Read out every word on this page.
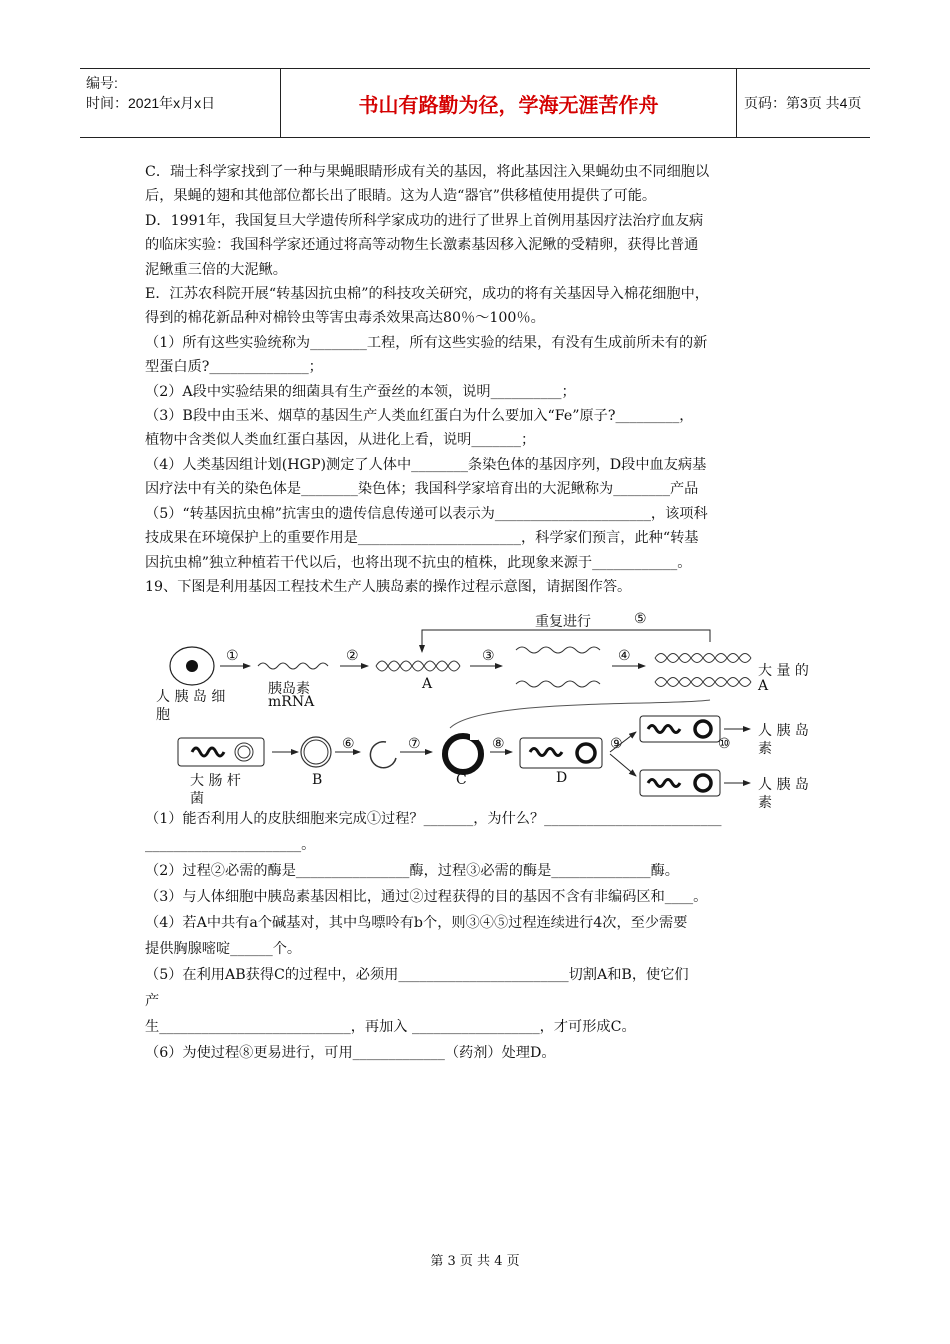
编号:
时间：2021年x月x日	书山有路勤为径，学海无涯苦作舟	页码：第3页 共4页

C．瑞士科学家找到了一种与果蝇眼睛形成有关的基因，将此基因注入果蝇幼虫不同细胞以

后，果蝇的翅和其他部位都长出了眼睛。这为人造“器官”供移植使用提供了可能。

D．1991年，我国复旦大学遗传所科学家成功的进行了世界上首例用基因疗法治疗血友病

的临床实验：我国科学家还通过将高等动物生长激素基因移入泥鳅的受精卵，获得比普通

泥鳅重三倍的大泥鳅。

E．江苏农科院开展“转基因抗虫棉”的科技攻关研究，成功的将有关基因导入棉花细胞中，

得到的棉花新品种对棉铃虫等害虫毒杀效果高达80％～100％。

（1）所有这些实验统称为________工程，所有这些实验的结果，有没有生成前所未有的新

型蛋白质?______________；

（2）A段中实验结果的细菌具有生产蚕丝的本领，说明__________；

（3）B段中由玉米、烟草的基因生产人类血红蛋白为什么要加入“Fe”原子?_________，

植物中含类似人类血红蛋白基因，从进化上看，说明_______；

（4）人类基因组计划(HGP)测定了人体中________条染色体的基因序列，D段中血友病基

因疗法中有关的染色体是________染色体；我国科学家培育出的大泥鳅称为________产品

（5）“转基因抗虫棉”抗害虫的遗传信息传递可以表示为______________________，该项科

技成果在环境保护上的重要作用是_______________________，科学家们预言，此种“转基

因抗虫棉”独立种植若干代以后，也将出现不抗虫的植株，此现象来源于____________。

19、下图是利用基因工程技术生产人胰岛素的操作过程示意图，请据图作答。

重复进行	⑤
①	②	③	④
人 胰 岛 细
胞
胰岛素
mRNA
A
大 量 的
A
⑥	⑦	⑧	⑨	⑩
大 肠 杆
菌
B	C	D
人 胰 岛
素
人 胰 岛
素

（1）能否利用人的皮肤细胞来完成①过程？_______，为什么？_________________________

______________________。

（2）过程②必需的酶是________________酶，过程③必需的酶是______________酶。

（3）与人体细胞中胰岛素基因相比，通过②过程获得的目的基因不含有非编码区和____。

（4）若A中共有a个碱基对，其中鸟嘌呤有b个，则③④⑤过程连续进行4次，至少需要

提供胸腺嘧啶______个。

（5）在利用AB获得C的过程中，必须用________________________切割A和B，使它们

产

生___________________________，再加入 __________________，才可形成C。

（6）为使过程⑧更易进行，可用_____________（药剂）处理D。

第 3 页 共 4 页
